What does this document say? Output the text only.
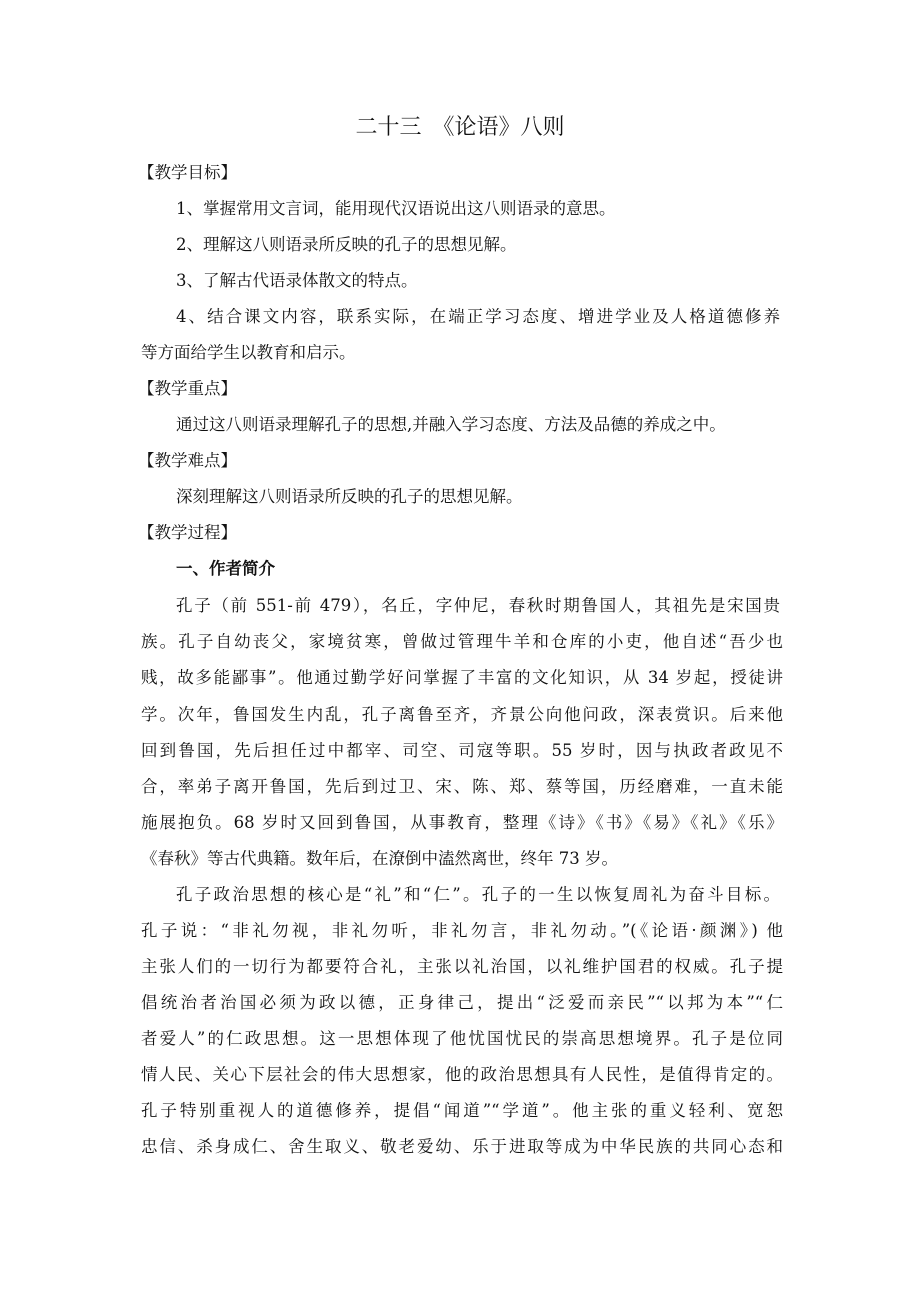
二十三　《论语》八则
【教学目标】
1、掌握常用文言词，能用现代汉语说出这八则语录的意思。
2、理解这八则语录所反映的孔子的思想见解。
3、了解古代语录体散文的特点。
4、结合课文内容，联系实际，在端正学习态度、增进学业及人格道德修养
等方面给学生以教育和启示。
【教学重点】
通过这八则语录理解孔子的思想,并融入学习态度、方法及品德的养成之中。
【教学难点】
深刻理解这八则语录所反映的孔子的思想见解。
【教学过程】
一、作者简介
孔子（前 551-前 479），名丘，字仲尼，春秋时期鲁国人，其祖先是宋国贵
族。孔子自幼丧父，家境贫寒，曾做过管理牛羊和仓库的小吏，他自述“吾少也
贱，故多能鄙事”。他通过勤学好问掌握了丰富的文化知识，从 34 岁起，授徒讲
学。次年，鲁国发生内乱，孔子离鲁至齐，齐景公向他问政，深表赏识。后来他
回到鲁国，先后担任过中都宰、司空、司寇等职。55 岁时，因与执政者政见不
合，率弟子离开鲁国，先后到过卫、宋、陈、郑、蔡等国，历经磨难，一直未能
施展抱负。68 岁时又回到鲁国，从事教育，整理《诗》《书》《易》《礼》《乐》
《春秋》等古代典籍。数年后，在潦倒中溘然离世，终年 73 岁。
孔子政治思想的核心是“礼”和“仁”。孔子的一生以恢复周礼为奋斗目标。
孔子说：“非礼勿视，非礼勿听，非礼勿言，非礼勿动。”(《论语·颜渊》) 他
主张人们的一切行为都要符合礼，主张以礼治国，以礼维护国君的权威。孔子提
倡统治者治国必须为政以德，正身律己，提出“泛爱而亲民”“以邦为本”“仁
者爱人”的仁政思想。这一思想体现了他忧国忧民的崇高思想境界。孔子是位同
情人民、关心下层社会的伟大思想家，他的政治思想具有人民性，是值得肯定的。
孔子特别重视人的道德修养，提倡“闻道”“学道”。他主张的重义轻利、宽恕
忠信、杀身成仁、舍生取义、敬老爱幼、乐于进取等成为中华民族的共同心态和
